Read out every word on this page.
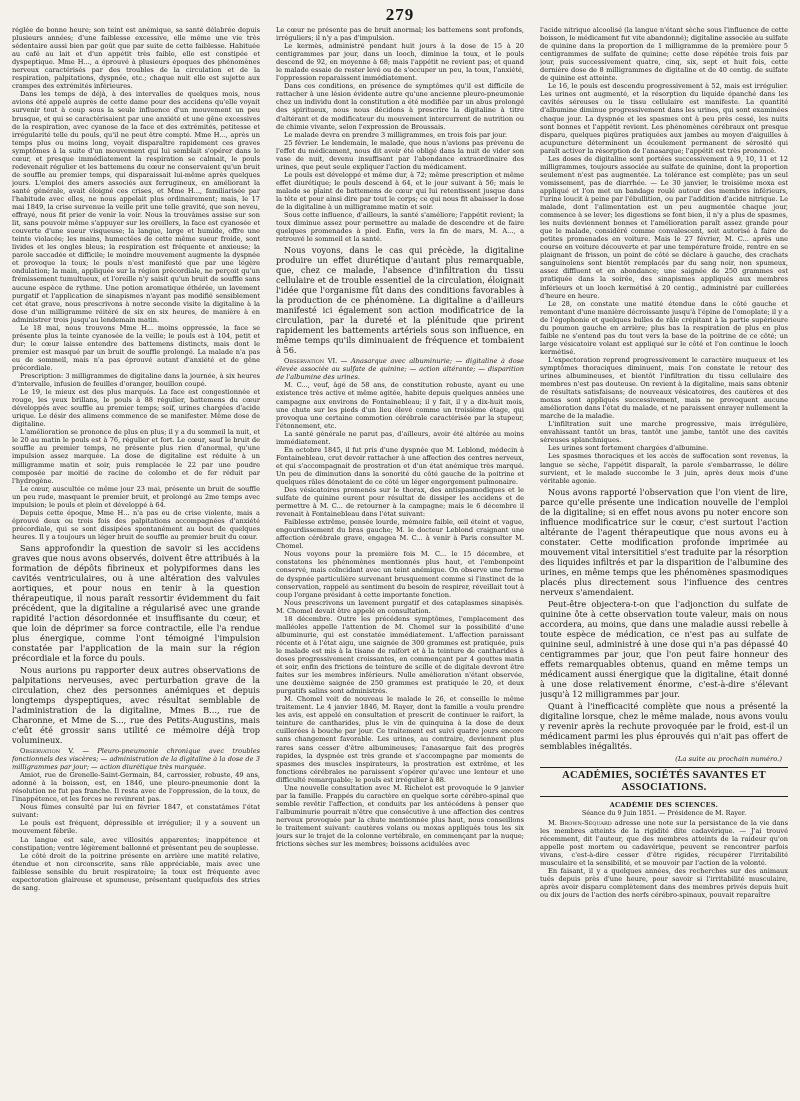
279

réglée de bonne heure; son teint est anémique, sa santé délabrée depuis plusieurs années; d'une faiblesse excessive, elle même une vie très sédentaire aussi bien par goût que par suite de cette faiblesse. Habituée au café au lait et d'un appétit très faible, elle est constipée et dyspeptique. Mme H..., a éprouvé à plusieurs époques des phénomènes nerveux caractérisés par des troubles de la circulation et de la respiration, palpitations, dyspnée, etc.; chaque nuit elle est sujette aux crampes des extrémités inférieures.

Dans les temps de déjà, à des intervalles de quelques mois, nous avions été appelé auprès de cette dame pour des accidens qu'elle voyait survenir tout à coup sous la seule influence d'un mouvement un peu brusque, et qui se caractérisaient par une anxiété et une gêne excessives de la respiration, avec cyanose de la face et des extrémités, petitesse et irrégularité telle du pouls, qu'il ne peut être compté. Mme H..., après un temps plus ou moins long, voyait disparaître rapidement ces graves symptômes à la suite d'un mouvement qui lui semblait s'opérer dans le cœur, et presque immédiatement la respiration se calmait, le pouls redevenait régulier et les battemens du cœur ne conservaient qu'un bruit de souffle au premier temps, qui disparaissait lui-même après quelques jours. L'emploi des amers associés aux ferrugineux, en améliorant la santé générale, avait éloigné ces crises, et Mme H..., familiarisée par l'habitude avec elles, ne nous appelait plus ordinairement; mais, le 17 mai 1849, la crise survenue la veille prit une telle gravité, que son neveu, effrayé, nous fit prier de venir la voir. Nous la trouvâmes assise sur son lit, sans pouvoir même s'appuyer sur les oreillers, la face est cyanosée et couverte d'une sueur visqueuse; la langue, large et humide, offre une teinte violacée; les mains, humectées de cette même sueur froide, sont livides et les ongles bleus; la respiration est fréquente et anxieuse; la parole saccadée et difficile; le moindre mouvement augmente la dyspnée et provoque la toux; le pouls n'est manifesté que par une légère ondulation; la main, appliquée sur la région précordiale, ne perçoit qu'un frémissement tumultueux, et l'oreille n'y saisit qu'un bruit de souffle sans aucune espèce de rythme. Une potion aromatique éthérée, un lavement purgatif et l'application de sinapismes n'ayant pas modifié sensiblement cet état grave, nous prescrivons à notre seconde visite la digitaline à la dose d'un milligramme réitéré de six en six heures, de manière à en administrer trois jusqu'au lendemain matin.

Le 18 mai, nous trouvons Mme H... moins oppressée, la face se présente plus la teinte cyanosée de la veille; le pouls est à 104, petit et dur; le cœur laisse entendre des battemens distincts, mais dont le premier est masqué par un bruit de souffle prolongé. La malade n'a pas eu de sommeil, mais n'a pas éprouvé autant d'anxiété et de gêne précordiale.

Prescription: 3 milligrammes de digitaline dans la journée, à six heures d'intervalle, infusion de feuilles d'oranger, bouillon coupé.

Le 19, le mieux est des plus marqués. La face est congestionnée et rouge, les yeux brillans, le pouls à 88 régulier, battemens du cœur développés avec souffle au premier temps; soif, urines chargées d'acide urique. Le désir des alimens commence de se manifester. Même dose de digitaline.

L'amélioration se prononce de plus en plus; il y a du sommeil la nuit, et le 20 au matin le pouls est à 76, régulier et fort. Le cœur, sauf le bruit de souffle au premier temps, ne présente plus rien d'anormal, qu'une impulsion assez marquée. La dose de digitaline est réduite à un milligramme matin et soir, puis remplacée le 22 par une poudre composée par moitié de racine de colombo et de fer réduit par l'hydrogène.

Le cœur, auscultée ce même jour 23 mai, présente un bruit de souffle un peu rude, masquant le premier bruit, et prolongé au 2me temps avec impulsion; le pouls et plein et développé à 64.

Depuis cette époque, Mme H... n'a pas eu de crise violente, mais a éprouvé deux ou trois fois des palpitations accompagnées d'anxiété précordiale, qui se sont dissipées spontanément au bout de quelques heures. Il y a toujours un léger bruit de souffle au premier bruit du cœur.

Sans approfondir la question de savoir si les accidens graves que nous avons observés, doivent être attribués à la formation de dépôts fibrineux et polypiformes dans les cavités ventriculaires, ou à une altération des valvules aortiques, et pour nous en tenir à la question thérapeutique, il nous paraît ressortir évidemment du fait précédent, que la digitaline a régularisé avec une grande rapidité l'action désordonnée et insuffisante du cœur, et que loin de déprimer sa force contractile, elle l'a rendue plus énergique, comme l'ont témoigné l'impulsion constatée par l'application de la main sur la région précordiale et la force du pouls.

Nous aurions pu rapporter deux autres observations de palpitations nerveuses, avec perturbation grave de la circulation, chez des personnes anémiques et depuis longtemps dyspeptiques, avec résultat semblable de l'administration de la digitaline, Mmes B..., rue de Charonne, et Mme de S..., rue des Petits-Augustins, mais c'eût été grossir sans utilité ce mémoire déjà trop volumineux.

Observation V. — Pleuro-pneumonie chronique avec troubles fonctionnels des viscères; — administration de la digitaline à la dose de 3 milligrammes par jour; — action diurétique très marquée.

Amiot, rue de Grenelle-Saint-Germain, 84, carrossier, robuste, 49 ans, adonné à la boisson, est, en 1846, une pleuro-pneumonie dont la résolution ne fut pas franche. Il resta avec de l'oppression, de la toux, de l'inappétence, et les forces ne revinrent pas.

Nous fûmes consulté par lui en février 1847, et constatâmes l'état suivant:

Le pouls est fréquent, dépressible et irrégulier; il y a souvent un mouvement fébrile.

La langue est sale, avec villosités apparentes; inappétence et constipation; ventre légèrement ballonné et présentant peu de souplesse.

Le côté droit de la poitrine présente en arrière une matité relative, étendue et non circonscrite, sans râle appréciable, mais avec une faiblesse sensible du bruit respiratoire; la toux est fréquente avec expectoration glaireuse et spumeuse, présentant quelquefois des stries de sang.

Le cœur ne présente pas de bruit anormal; les battemens sont profonds, irréguliers; il n'y a pas d'impulsion.

Le kermès, administré pendant huit jours à la dose de 15 à 20 centigrammes par jour, dans un looch, diminue la toux, et le pouls descend de 92, en moyenne à 68; mais l'appétit ne revient pas; et quand le malade essaie de rester levé ou de s'occuper un peu, la toux, l'anxiété, l'oppression reparaissent immédiatement.

Dans ces conditions, en présence de symptômes qu'il est difficile de rattacher à une lésion évidente autre qu'une ancienne pleuro-pneumonie chez un individu dont la constitution a été modifiée par un abus prolongé des spiritueux, nous nous décidons à prescrire la digitaline à titre d'altérant et de modificateur du mouvement intercurrent de nutrition ou de chimie vivante, selon l'expression de Broussais.

Le malade devra en prendre 3 milligrammes, en trois fois par jour.

25 février. Le lendemain, le malade, que nous n'avions pas prévenu de l'effet du médicament, nous dit avoir été obligé dans la nuit de vider son vase de nuit, devenu insuffisant par l'abondance extraordinaire des urines, que peut seule expliquer l'action du médicament.

Le pouls est développé et même dur, à 72; même prescription et même effet diurétique; le pouls descend à 64, et le jour suivant à 56; mais le malade se plaint de battemens de cœur qui lui retentissent jusque dans la tête et pour ainsi dire par tout le corps; ce qui nous fit abaisser la dose de la digitaline à un milligramme matin et soir.

Sous cette influence, d'ailleurs, la santé s'améliore; l'appétit revient; la toux diminue assez pour permettre au malade de descendre et de faire quelques promenades à pied. Enfin, vers la fin de mars, M. A..., a retrouvé le sommeil et la santé.

Nous voyons, dans le cas qui précède, la digitaline produire un effet diurétique d'autant plus remarquable, que, chez ce malade, l'absence d'infiltration du tissu cellulaire et de trouble essentiel de la circulation, éloignait l'idée que l'organisme fût dans des conditions favorables à la production de ce phénomène. La digitaline a d'ailleurs manifesté ici également son action modificatrice de la circulation, par la dureté et la plénitude que prirent rapidement les battements artériels sous son influence, en même temps qu'ils diminuaient de fréquence et tombaient à 56.

Observation VI. — Anasarque avec albuminurie; — digitaline à dose élevée associée au sulfate de quinine; — action altérante; — disparition de l'albumine des urines.

M. C..., veuf, âgé de 58 ans, de constitution robuste, ayant eu une existence très active et même agitée, habite depuis quelques années une campagne aux environs de Fontainebleau; il y fait, il y a dix-huit mois, une chute sur les pieds d'un lieu élevé comme un troisième étage, qui provoqua une certaine commotion cérébrale caractérisée par la stupeur, l'étonnement, etc.

La santé générale ne parut pas, d'ailleurs, avoir été altérée au moins immédiatement.

En octobre 1845, il fut pris d'une dyspnée que M. Leblond, médecin à Fontainebleau, crut devoir rattacher à une affection des centres nerveux, et qui s'accompagnait de prostration et d'un état anémique très marqué. Un peu de diminution dans la sonorité du côté gauche de la poitrine et quelques râles dénotaient de ce côté un léger engorgement pulmonaire.

Des vésicatoires promenés sur le thorax, des antispasmodiques et le sulfate de quinine eurent pour résultat de dissiper les accidens et de permettre à M. C... de retourner à la campagne; mais le 6 décembre il revenait à Fontainebleau dans l'état suivant:

Faiblesse extrême, pensée lourde, mémoire faible, œil éteint et vague, engourdissement du bras gauche; M. le docteur Leblond craignant une affection cérébrale grave, engagea M. C... à venir à Paris consulter M. Chomel.

Nous voyons pour la première fois M. C... le 15 décembre, et constatons les phénomènes mentionnés plus haut, et l'embonpoint conservé, mais coïncidant avec un teint anémique. On observe une forme de dyspnée particulière survenant brusquement comme si l'instinct de la conservation, rappelé au sentiment du besoin de respirer, réveillait tout à coup l'organe présidant à cette importante fonction.

Nous prescrivons un lavement purgatif et des cataplasmes sinapisés. M. Chomel devait être appelé en consultation.

18 décembre. Outre les précédens symptômes, l'emplacement des malléoles appelle l'attention de M. Chomel sur la possibilité d'une albuminurie, qui est constatée immédiatement. L'affection paraissant récente et à l'état aigu, une saignée de 300 grammes est pratiquée, puis le malade est mis à la tisane de raifort et à la teinture de cantharides à doses progressivement croissantes, en commençant par 4 gouttes matin et soir, enfin des frictions de teinture de scille et de digitale devront être faites sur les membres inférieurs. Nulle amélioration n'étant observée, une deuxième saignée de 250 grammes est pratiquée le 20, et deux purgatifs salins sont administrés.

M. Chomel voit de nouveau le malade le 26, et conseille le même traitement. Le 4 janvier 1846, M. Rayer, dont la famille a voulu prendre les avis, est appelé en consultation et prescrit de continuer le raifort, la teinture de cantharides, plus le vin de quinquina à la dose de deux cuillerées à bouche par jour. Ce traitement est suivi quatre jours encore sans changement favorable. Les urines, au contraire, deviennent plus rares sans cesser d'être albumineuses; l'anasarque fait des progrès rapides, la dyspnée est très grande et s'accompagne par moments de spasmes des muscles inspirateurs, la prostration est extrême, et les fonctions cérébrales ne paraissent s'opérer qu'avec une lenteur et une difficulté remarquable; le pouls est irrégulier à 88.

Une nouvelle consultation avec M. Richelot est provoquée le 9 janvier par la famille. Frappés du caractère en quelque sorte cérébro-spinal que semble revêtir l'affection, et conduits par les antécédens à penser que l'albuminurie pourrait n'être que consécutive à une affection des centres nerveux provoquée par la chute mentionnée plus haut, nous conseillons le traitement suivant: cautères volans ou moxas appliqués tous les six jours sur le trajet de la colonne vertébrale, en commençant par la nuque; frictions sèches sur les membres; boissons acidulées avec

l'acide nitrique alcoolisé (la langue n'étant sèche sous l'influence de cette boisson, le médicament fut vite abandonné); digitaline associée au sulfate de quinine dans la proportion de 1 milligramme de la première pour 5 centigrammes de sulfate de quinine; cette dose répétée trois fois par jour, puis successivement quatre, cinq, six, sept et huit fois, cette dernière dose de 8 milligrammes de digitaline et de 40 centig. de sulfate de quinine est atteinte.

Le 16, le pouls est descendu progressivement à 52, mais est irrégulier. Les urines ont augmenté, et la résorption du liquide épanché dans les cavités séreuses ou le tissu cellulaire est manifeste. La quantité d'albumine diminue progressivement dans les urines, qui sont examinées chaque jour. La dyspnée et les spasmes ont à peu près cessé, les nuits sont bonnes et l'appétit revient. Les phénomènes cérébraux ont presque disparu, quelques piqûres pratiquées aux jambes au moyen d'aiguilles à acupuncture déterminent un écoulement permanent de sérosité qui paraît activer la résorption de l'anasarque; l'appétit est très prononcé.

Les doses de digitaline sont portées successivement à 9, 10, 11 et 12 milligrammes, toujours associée au sulfate de quinine, dont la proportion seulement n'est pas augmentée. La tolérance est complète; pas un seul vomissement, pas de diarrhée. — Le 30 janvier, le troisième moxa est appliqué et l'on met un bandage roulé autour des membres inférieurs, l'urine loucit à peine par l'ébullition, ou par l'addition d'acide nitrique. Le malade, dont l'alimentation est un peu augmentée chaque jour, commence à se lever; les digestions se font bien, il n'y a plus de spasmes, les nuits deviennent bonnes et l'amélioration paraît assez grande pour que le malade, considéré comme convalescent, soit autorisé à faire de petites promenades en voiture. Mais le 27 février, M. C... après une course en voiture découverte et par une température froide, rentre en se plaignant de frisson, un point de côté se déclare à gauche, des crachats sanguinolens sont bientôt remplacés par du sang noir, non spumeux, assez diffluent et en abondance; une saignée de 250 grammes est pratiquée dans la soirée, des sinapismes appliqués aux membres inférieurs et un looch kermétisé à 20 centig., administré par cuillerées d'heure en heure.

Le 28, on constate une matité étendue dans le côté gauche et remontant d'une manière décroissante jusqu'à l'épine de l'omoplate; il y a de l'égophonie et quelques bulles de râle crépitant à la partie supérieure du poumon gauche en arrière; plus bas la respiration de plus en plus faible ne s'entend pas du tout vers la base de la poitrine de ce côté; un large vésicatoire volant est appliqué sur le côté et l'on continue le looch kermétisé.

L'expectoration reprend progressivement le caractère muqueux et les symptômes thoraciques diminuent, mais l'on constate le retour des urines albumineuses, et bientôt l'infiltration du tissu cellulaire des membres n'est pas douteuse. On revient à la digitaline, mais sans obtenir de résultats satisfaisans; de nouveaux vésicatoires, des cautères et des moxas sont appliqués successivement, mais ne provoquent aucune amélioration dans l'état du malade, et ne paraissent enrayer nullement la marche de la maladie.

L'infiltration suit une marche progressive, mais irrégulière, envahissant tantôt un bras, tantôt une jambe, tantôt une des cavités séreuses splanchniques.

Les urines sont fortement chargées d'albumine.

Les spasmes thoraciques et les accès de suffocation sont revenus, la langue se sèche, l'appétit disparaît, la parole s'embarrasse, le délire survient, et le malade succombe le 3 juin, après deux mois d'une véritable agonie.

Nous avons rapporté l'observation que l'on vient de lire, parce qu'elle présente une indication nouvelle de l'emploi de la digitaline; si en effet nous avons pu noter encore son influence modificatrice sur le cœur, c'est surtout l'action altérante de l'agent thérapeutique que nous avons eu à constater. Cette modification profonde imprimée au mouvement vital intersititiel s'est traduite par la résorption des liquides infiltrés et par la disparition de l'albumine des urines, en même temps que les phénomènes spasmodiques placés plus directement sous l'influence des centres nerveux s'amendaient.

Peut-être objectera-t-on que l'adjonction du sulfate de quinine ôte à cette observation toute valeur, mais on nous accordera, au moins, que dans une maladie aussi rebelle à toute espèce de médication, ce n'est pas au sulfate de quinine seul, administré à une dose qui n'a pas dépassé 40 centigrammes par jour, que l'on peut faire honneur des effets remarquables obtenus, quand en même temps un médicament aussi énergique que la digitaline, était donné à une dose relativement énorme, c'est-à-dire s'élevant jusqu'à 12 milligrammes par jour.

Quant à l'inefficacité complète que nous a présenté la digitaline lorsque, chez le même malade, nous avons voulu y revenir après la rechute provoquée par le froid, est-il un médicament parmi les plus éprouvés qui n'ait pas offert de semblables inégalités.

(La suite au prochain numéro.)
ACADÉMIES, SOCIÉTÉS SAVANTES ET ASSOCIATIONS.
ACADÉMIE DES SCIENCES.
Séance du 9 Juin 1851. — Présidence de M. Rayer.

M. Brown-Séquard adresse une note sur la persistance de la vie dans les membres atteints de la rigidité dite cadavérique. — J'ai trouvé récemment, dit l'auteur, que des membres atteints de la raideur qu'on appelle post mortem ou cadavérique, peuvent se rencontrer parfois vivans, c'est-à-dire cesser d'être rigides, récupérer l'irritabilité musculaire et la sensibilité, et se mouvoir par l'action de la volonté.

En faisant, il y a quelques années, des recherches sur des animaux tués depuis près d'une heure, pour savoir si l'irritabilité musculaire, après avoir disparu complètement dans des membres privés depuis huit ou dix jours de l'action des nerfs cérébro-spinaux, pouvait reparaître
